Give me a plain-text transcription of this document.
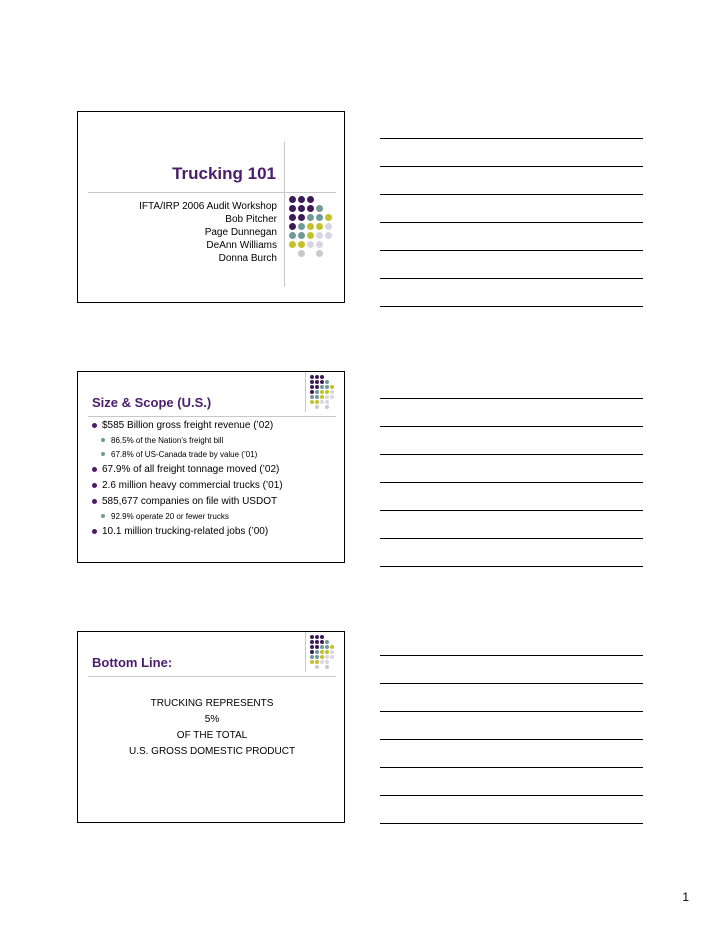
Trucking 101
IFTA/IRP 2006 Audit Workshop
Bob Pitcher
Page Dunnegan
DeAnn Williams
Donna Burch
Size & Scope (U.S.)
$585 Billion gross freight revenue (’02)
86.5% of the Nation’s freight bill
67.8% of US-Canada trade by value (’01)
67.9% of all freight tonnage moved (’02)
2.6 million heavy commercial trucks (’01)
585,677 companies on file with USDOT
92.9% operate 20 or fewer trucks
10.1 million trucking-related jobs (’00)
Bottom Line:
TRUCKING REPRESENTS
5%
OF THE TOTAL
U.S. GROSS DOMESTIC PRODUCT
1
